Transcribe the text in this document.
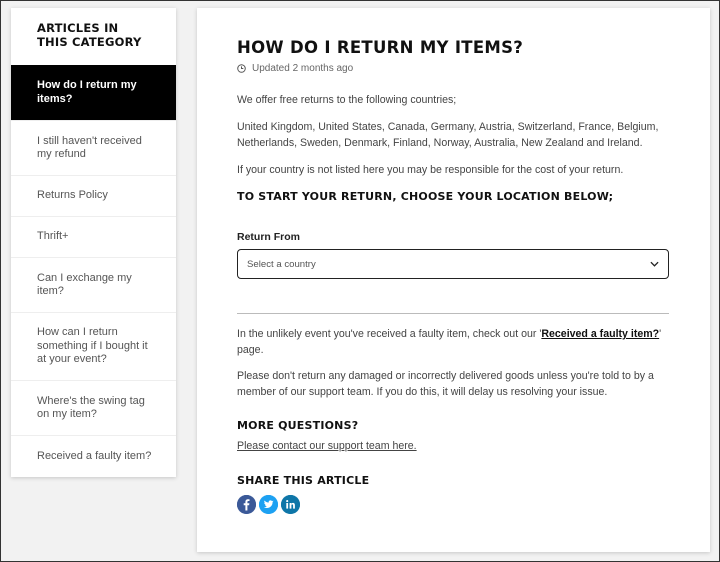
ARTICLES IN THIS CATEGORY
How do I return my items?
I still haven't received my refund
Returns Policy
Thrift+
Can I exchange my item?
How can I return something if I bought it at your event?
Where's the swing tag on my item?
Received a faulty item?
HOW DO I RETURN MY ITEMS?
Updated 2 months ago

We offer free returns to the following countries;

United Kingdom, United States, Canada, Germany, Austria, Switzerland, France, Belgium, Netherlands, Sweden, Denmark, Finland, Norway, Australia, New Zealand and Ireland.

If your country is not listed here you may be responsible for the cost of your return.

TO START YOUR RETURN, CHOOSE YOUR LOCATION BELOW;
Return From
Select a country

In the unlikely event you've received a faulty item, check out our 'Received a faulty item?' page.

Please don't return any damaged or incorrectly delivered goods unless you're told to by a member of our support team. If you do this, it will delay us resolving your issue.

MORE QUESTIONS?
Please contact our support team here.
SHARE THIS ARTICLE
